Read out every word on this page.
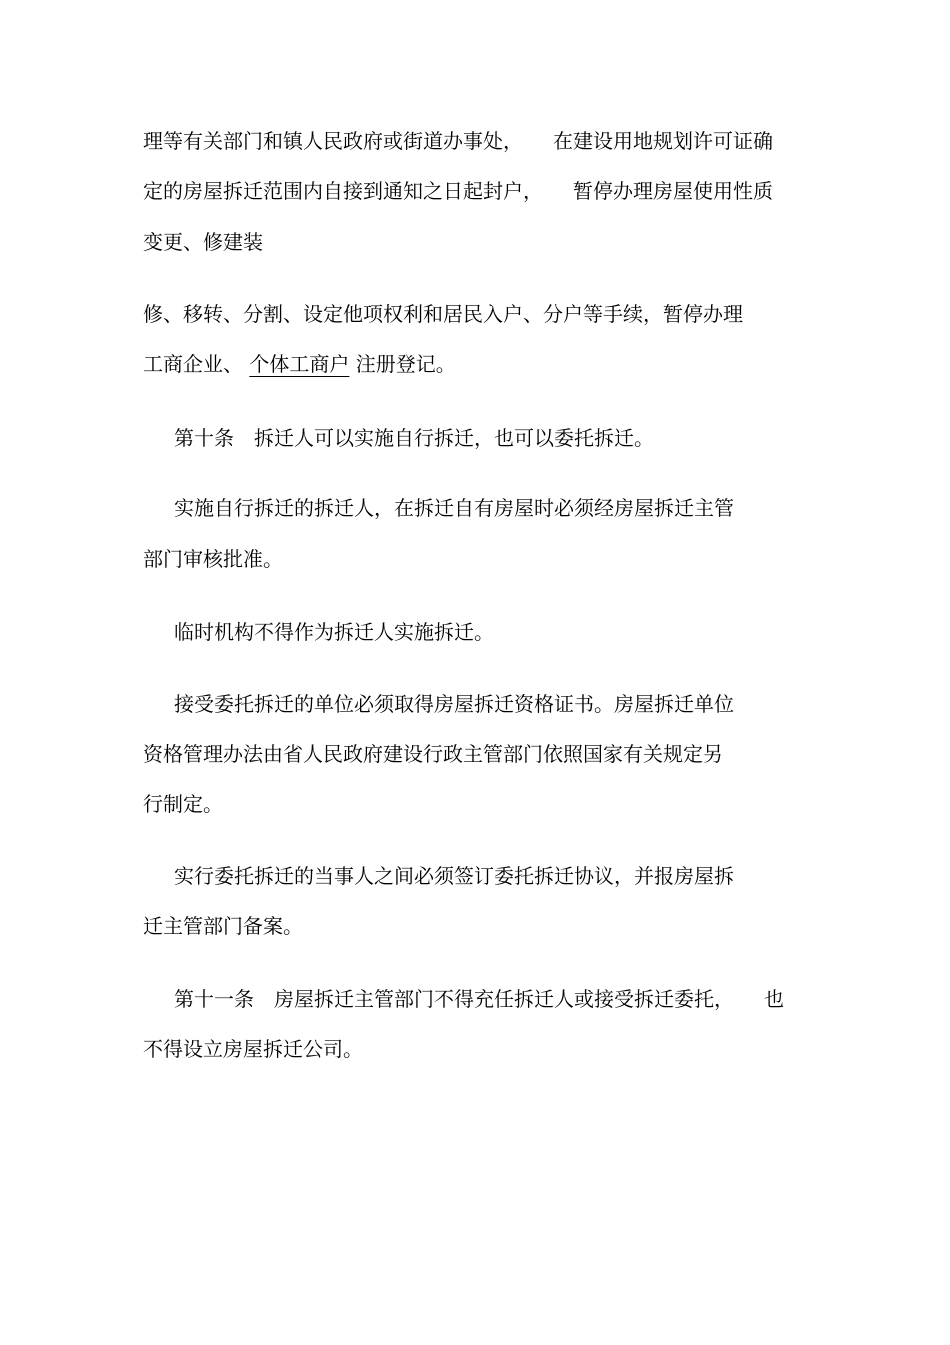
理等有关部门和镇人民政府或街道办事处，　　在建设用地规划许可证确

定的房屋拆迁范围内自接到通知之日起封户，　　暂停办理房屋使用性质

变更、修建装

修、移转、分割、设定他项权利和居民入户、分户等手续，暂停办理

工商企业、 个体工商户 注册登记。

第十条　拆迁人可以实施自行拆迁，也可以委托拆迁。

实施自行拆迁的拆迁人，在拆迁自有房屋时必须经房屋拆迁主管

部门审核批准。

临时机构不得作为拆迁人实施拆迁。

接受委托拆迁的单位必须取得房屋拆迁资格证书。房屋拆迁单位

资格管理办法由省人民政府建设行政主管部门依照国家有关规定另

行制定。

实行委托拆迁的当事人之间必须签订委托拆迁协议，并报房屋拆

迁主管部门备案。

第十一条　房屋拆迁主管部门不得充任拆迁人或接受拆迁委托，　　也

不得设立房屋拆迁公司。
